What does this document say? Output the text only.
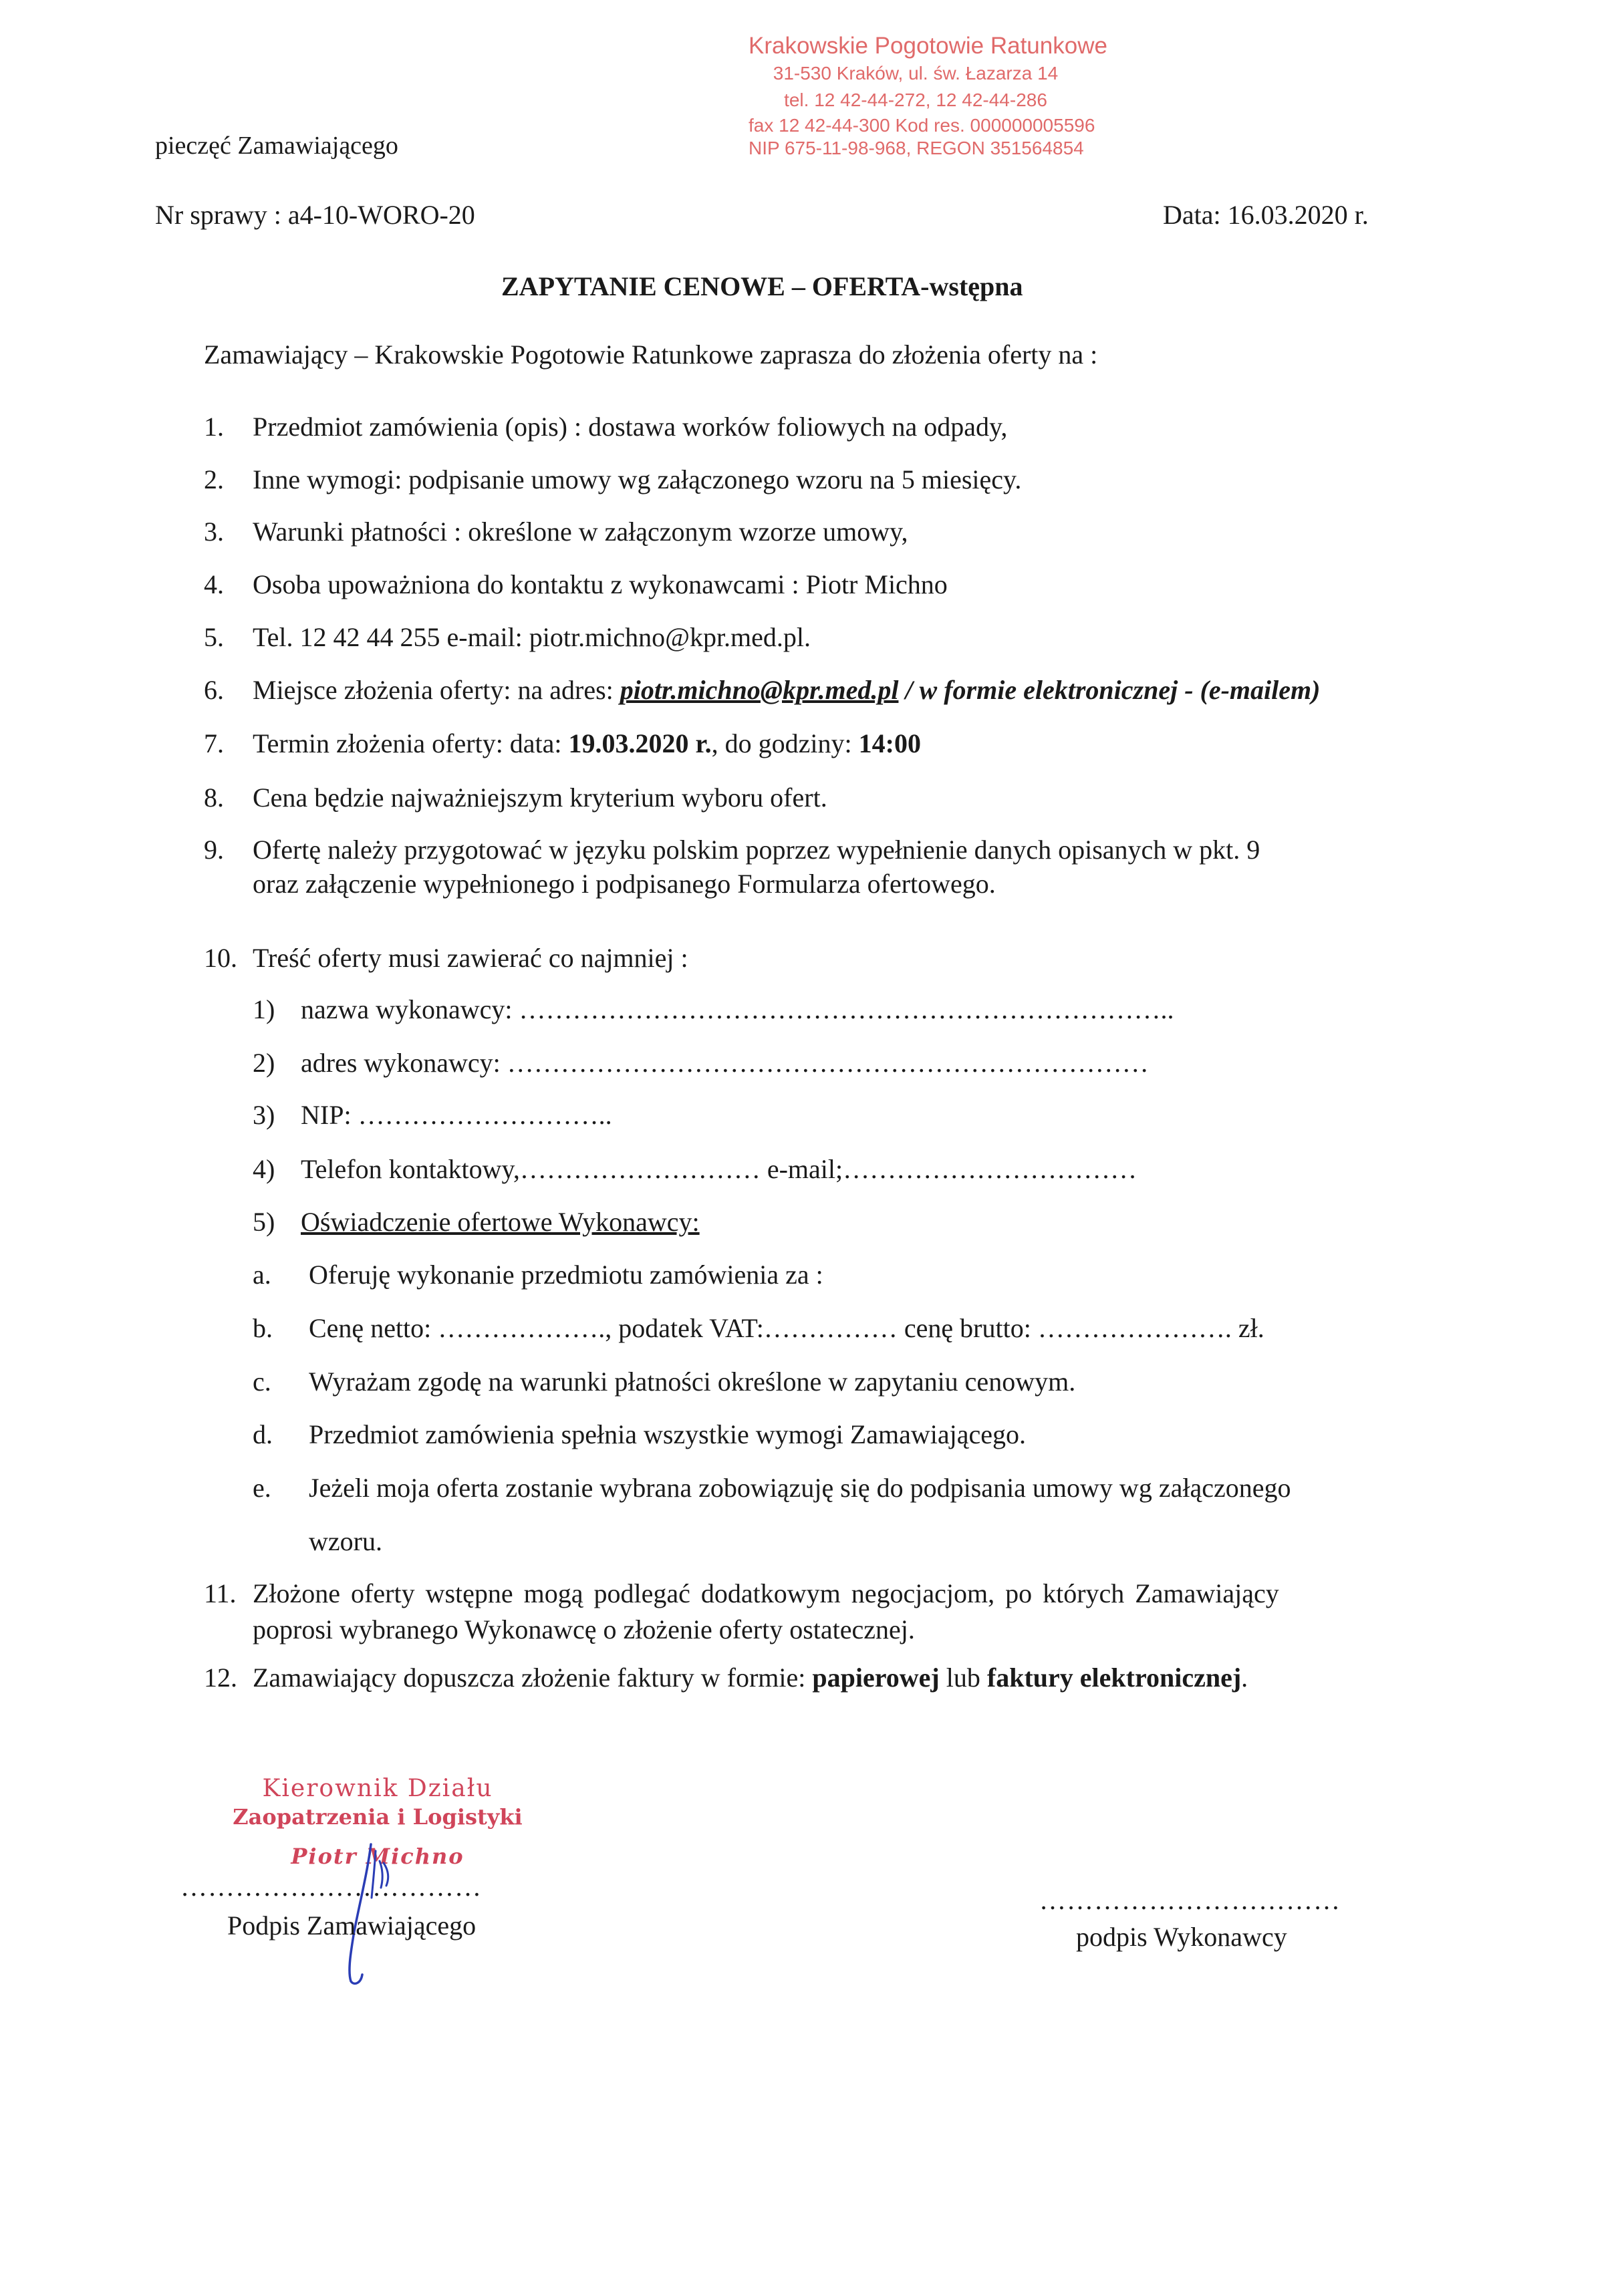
Krakowskie Pogotowie Ratunkowe
31-530 Kraków, ul. św. Łazarza 14
tel. 12 42-44-272, 12 42-44-286
fax 12 42-44-300 Kod res. 000000005596
NIP 675-11-98-968, REGON 351564854
pieczęć Zamawiającego
Nr sprawy : a4-10-WORO-20	Data: 16.03.2020 r.
ZAPYTANIE CENOWE – OFERTA-wstępna
Zamawiający – Krakowskie Pogotowie Ratunkowe zaprasza do złożenia oferty na :
1. Przedmiot zamówienia (opis) : dostawa worków foliowych na odpady,
2. Inne wymogi: podpisanie umowy wg załączonego wzoru na 5 miesięcy.
3. Warunki płatności : określone w załączonym wzorze umowy,
4. Osoba upoważniona do kontaktu z wykonawcami : Piotr Michno
5. Tel. 12 42 44 255 e-mail: piotr.michno@kpr.med.pl.
6. Miejsce złożenia oferty: na adres: piotr.michno@kpr.med.pl / w formie elektronicznej - (e-mailem)
7. Termin złożenia oferty: data: 19.03.2020 r., do godziny: 14:00
8. Cena będzie najważniejszym kryterium wyboru ofert.
9. Ofertę należy przygotować w języku polskim poprzez wypełnienie danych opisanych w pkt. 9
oraz załączenie wypełnionego i podpisanego Formularza ofertowego.
10. Treść oferty musi zawierać co najmniej :
1) nazwa wykonawcy: ………………………………………………………………..
2) adres wykonawcy: ………………………………………………………………
3) NIP: ………………………..
4) Telefon kontaktowy,……………………… e-mail;……………………………
5) Oświadczenie ofertowe Wykonawcy:
a. Oferuję wykonanie przedmiotu zamówienia za :
b. Cenę netto: ………………., podatek VAT:…………… cenę brutto: …………………. zł.
c. Wyrażam zgodę na warunki płatności określone w zapytaniu cenowym.
d. Przedmiot zamówienia spełnia wszystkie wymogi Zamawiającego.
e. Jeżeli moja oferta zostanie wybrana zobowiązuję się do podpisania umowy wg załączonego
wzoru.
11. Złożone oferty wstępne mogą podlegać dodatkowym negocjacjom, po których Zamawiający
poprosi wybranego Wykonawcę o złożenie oferty ostatecznej.
12. Zamawiający dopuszcza złożenie faktury w formie: papierowej lub faktury elektronicznej.
Kierownik Działu
Zaopatrzenia i Logistyki
Piotr Michno
……………………………
Podpis Zamawiającego
……………………………
podpis Wykonawcy
